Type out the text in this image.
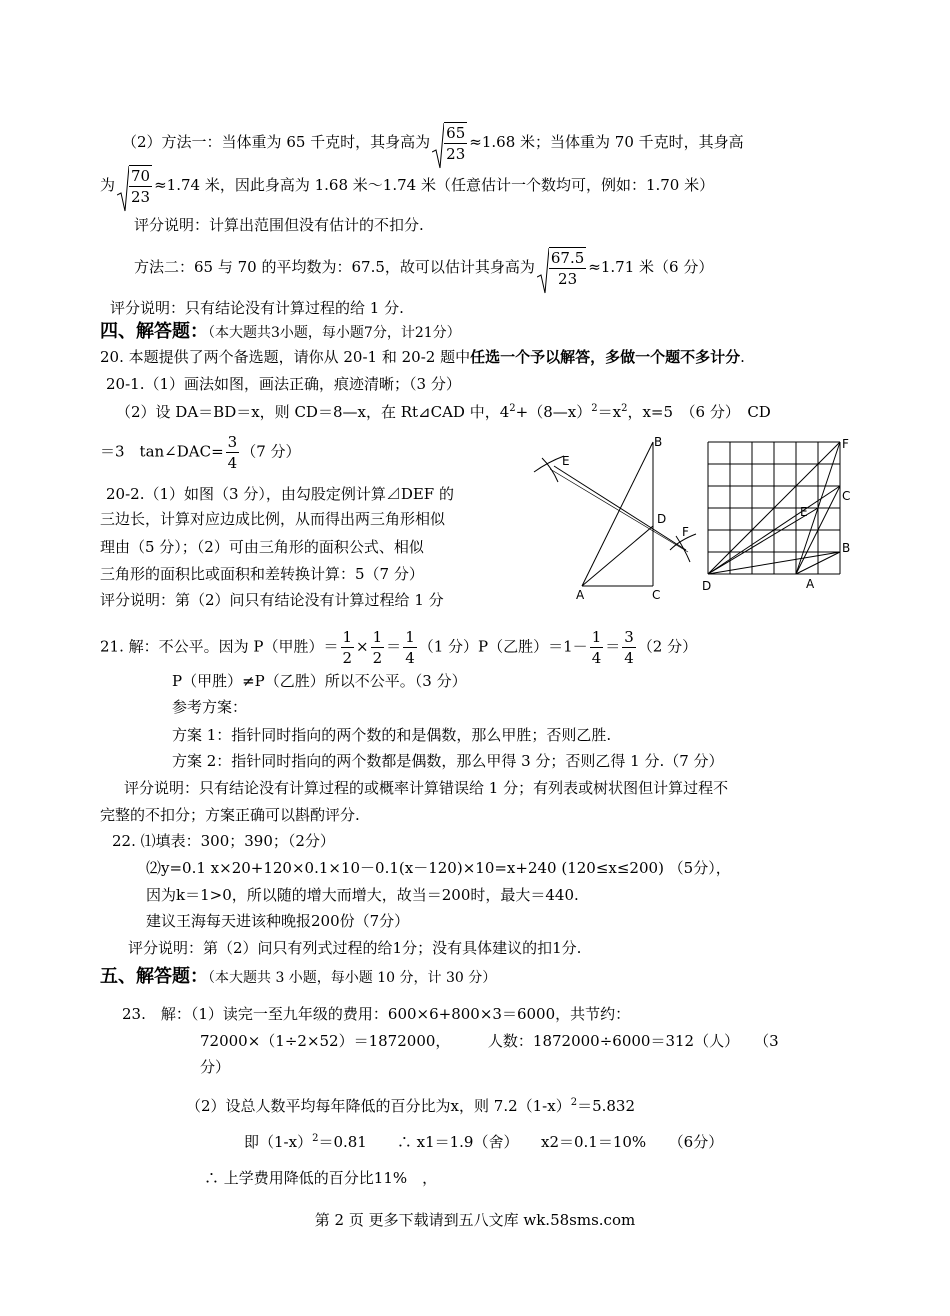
（2）方法一：当体重为 65 千克时，其身高为 $\frac{65}{23} \approx 1.68$ 米；当体重为 70 千克时，其身高
为 $\frac{70}{23} \approx 1.74$ 米，因此身高为 1.68 米～1.74 米（任意估计一个数均可，例如：1.70 米）
评分说明：计算出范围但没有估计的不扣分.
方法二：65 与 70 的平均数为：67.5，故可以估计其身高为 $\frac{67.5}{23} \approx 1.71$ 米（6 分）
评分说明：只有结论没有计算过程的给 1 分.
四、解答题：（本大题共3小题，每小题7分，计21分）
20. 本题提供了两个备选题，请你从 20-1 和 20-2 题中任选一个予以解答，多做一个题不多计分.
20-1.（1）画法如图，画法正确，痕迹清晰；（3 分）
（2）设 DA＝BD＝x，则 CD＝8—x，在 Rt⊿CAD 中，$4^2+(8—x)^2=x^2$，x=5　（6 分）　CD
＝3　tan∠DAC= $\frac{3}{4} (7$ 分）
20-2.（1）如图（3 分），由勾股定例计算⊿DEF 的
三边长，计算对应边成比例，从而得出两三角形相似
理由（5 分）；（2）可由三角形的面积公式、相似
三角形的面积比或面积和差转换计算：5（7 分）
评分说明：第（2）问只有结论没有计算过程给 1 分
B
E
D
F
A	C
F
C
E
B
D	A
21. 解：不公平。因为 P（甲胜）＝ $\frac{1}{2} \times \frac{1}{2} = \frac{1}{4} (1$ 分）P（乙胜）$=1- \frac{1}{4} = \frac{3}{4} (2$ 分）
P（甲胜）≠P（乙胜）所以不公平。（3 分）
参考方案：
方案 1：指针同时指向的两个数的和是偶数，那么甲胜；否则乙胜.
方案 2：指针同时指向的两个数都是偶数，那么甲得 3 分；否则乙得 1 分.（7 分）
评分说明：只有结论没有计算过程的或概率计算错误给 1 分；有列表或树状图但计算过程不
完整的不扣分；方案正确可以斟酌评分.
22. ⑴填表：300；390；（2分）
⑵y=0.1 x×20+120×0.1×10－0.1(x－120)×10=x+240 (120≤x≤200) （5分），
因为k＝1>0，所以随的增大而增大，故当＝200时，最大＝440.
建议王海每天进该种晚报200份（7分）
评分说明：第（2）问只有列式过程的给1分；没有具体建议的扣1分.
五、解答题：（本大题共 3 小题，每小题 10 分，计 30 分）
23.　解：（1）读完一至九年级的费用：600×6+800×3＝6000，共节约：
72000×（1÷2×52）＝1872000，　　　人数：1872000÷6000＝312（人）　　（3
分）
（2）设总人数平均每年降低的百分比为x，则 $7.2(1-x)^2=5.832$
即$(1-x)^2=0.81$　　∴ x1＝1.9（舍）　　x2＝0.1＝10%　　（6分）
∴ 上学费用降低的百分比11%　，
第 2 页 更多下载请到五八文库 wk.58sms.com
